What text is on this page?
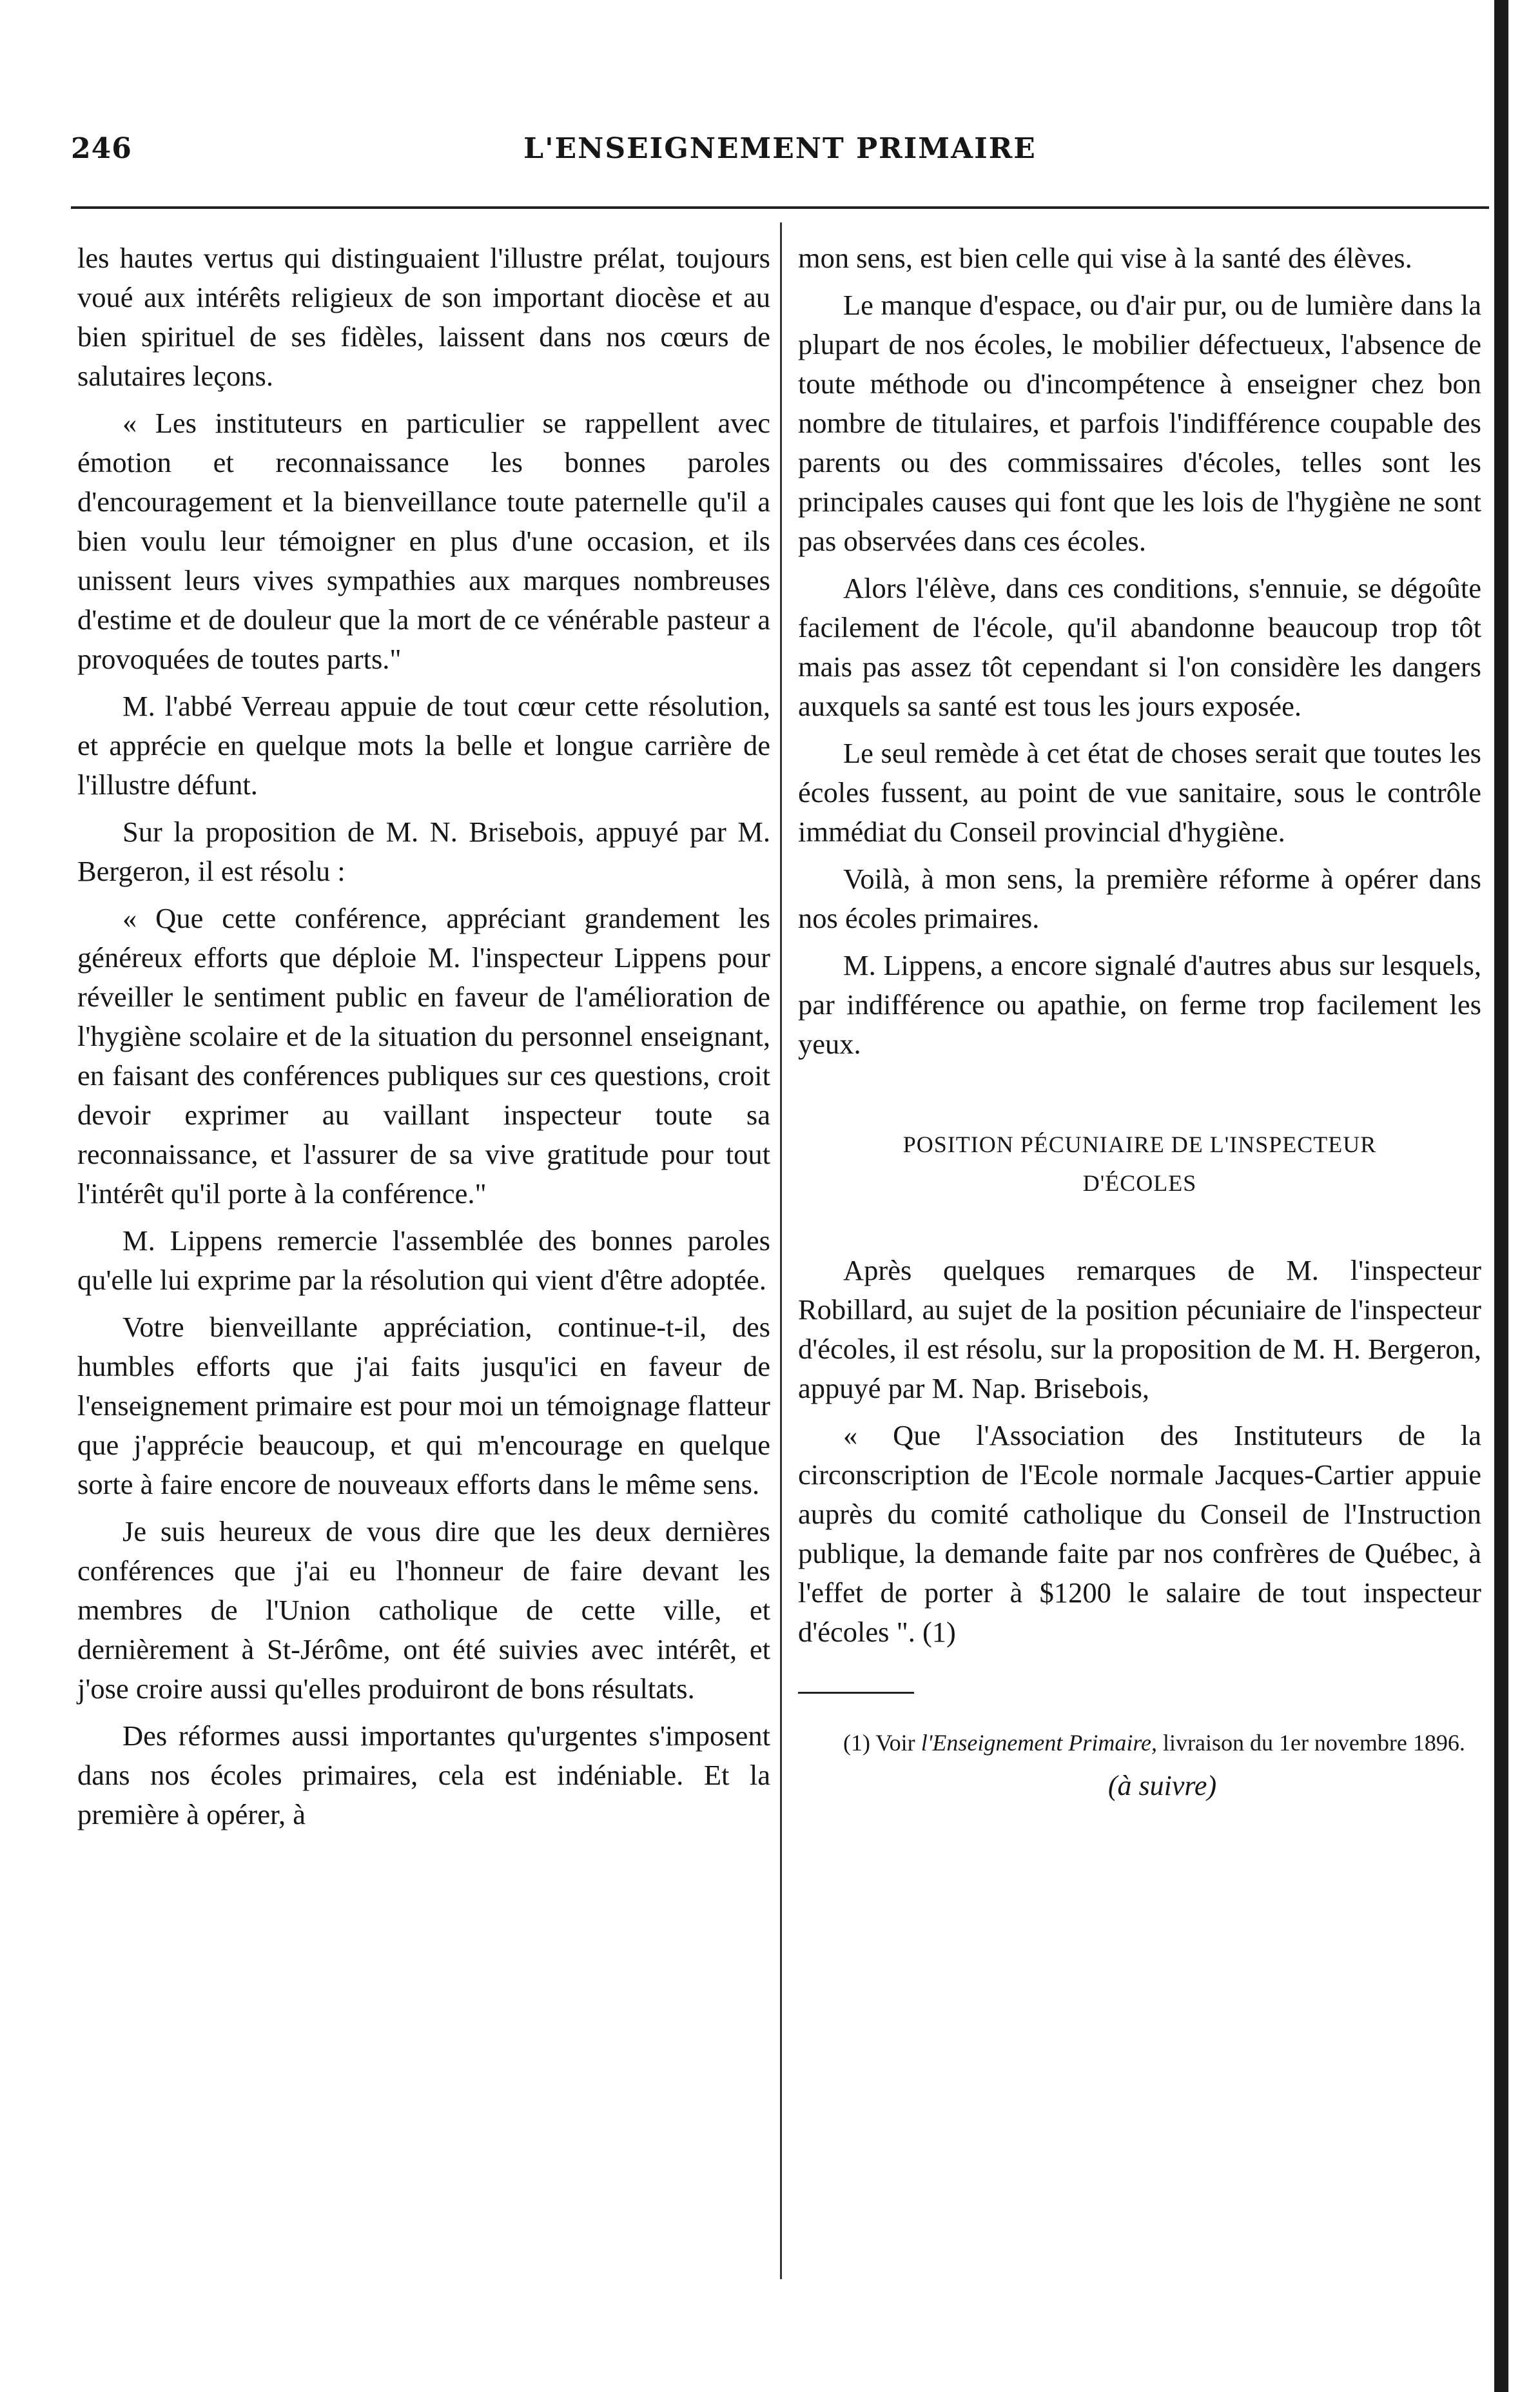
246	L'ENSEIGNEMENT PRIMAIRE

les hautes vertus qui distinguaient l'illustre prélat, toujours voué aux intérêts religieux de son important diocèse et au bien spirituel de ses fidèles, laissent dans nos cœurs de salutaires leçons.

« Les instituteurs en particulier se rappellent avec émotion et reconnaissance les bonnes paroles d'encouragement et la bienveillance toute paternelle qu'il a bien voulu leur témoigner en plus d'une occasion, et ils unissent leurs vives sympathies aux marques nombreuses d'estime et de douleur que la mort de ce vénérable pasteur a provoquées de toutes parts."

M. l'abbé Verreau appuie de tout cœur cette résolution, et apprécie en quelque mots la belle et longue carrière de l'illustre défunt.

Sur la proposition de M. N. Brisebois, appuyé par M. Bergeron, il est résolu :

« Que cette conférence, appréciant grandement les généreux efforts que déploie M. l'inspecteur Lippens pour réveiller le sentiment public en faveur de l'amélioration de l'hygiène scolaire et de la situation du personnel enseignant, en faisant des conférences publiques sur ces questions, croit devoir exprimer au vaillant inspecteur toute sa reconnaissance, et l'assurer de sa vive gratitude pour tout l'intérêt qu'il porte à la conférence."

M. Lippens remercie l'assemblée des bonnes paroles qu'elle lui exprime par la résolution qui vient d'être adoptée.

Votre bienveillante appréciation, continue-t-il, des humbles efforts que j'ai faits jusqu'ici en faveur de l'enseignement primaire est pour moi un témoignage flatteur que j'apprécie beaucoup, et qui m'encourage en quelque sorte à faire encore de nouveaux efforts dans le même sens.

Je suis heureux de vous dire que les deux dernières conférences que j'ai eu l'honneur de faire devant les membres de l'Union catholique de cette ville, et dernièrement à St-Jérôme, ont été suivies avec intérêt, et j'ose croire aussi qu'elles produiront de bons résultats.

Des réformes aussi importantes qu'urgentes s'imposent dans nos écoles primaires, cela est indéniable. Et la première à opérer, à

mon sens, est bien celle qui vise à la santé des élèves.

Le manque d'espace, ou d'air pur, ou de lumière dans la plupart de nos écoles, le mobilier défectueux, l'absence de toute méthode ou d'incompétence à enseigner chez bon nombre de titulaires, et parfois l'indifférence coupable des parents ou des commissaires d'écoles, telles sont les principales causes qui font que les lois de l'hygiène ne sont pas observées dans ces écoles.

Alors l'élève, dans ces conditions, s'ennuie, se dégoûte facilement de l'école, qu'il abandonne beaucoup trop tôt mais pas assez tôt cependant si l'on considère les dangers auxquels sa santé est tous les jours exposée.

Le seul remède à cet état de choses serait que toutes les écoles fussent, au point de vue sanitaire, sous le contrôle immédiat du Conseil provincial d'hygiène.

Voilà, à mon sens, la première réforme à opérer dans nos écoles primaires.

M. Lippens, a encore signalé d'autres abus sur lesquels, par indifférence ou apathie, on ferme trop facilement les yeux.

POSITION PÉCUNIAIRE DE L'INSPECTEUR
D'ÉCOLES

Après quelques remarques de M. l'inspecteur Robillard, au sujet de la position pécuniaire de l'inspecteur d'écoles, il est résolu, sur la proposition de M. H. Bergeron, appuyé par M. Nap. Brisebois,

« Que l'Association des Instituteurs de la circonscription de l'Ecole normale Jacques-Cartier appuie auprès du comité catholique du Conseil de l'Instruction publique, la demande faite par nos confrères de Québec, à l'effet de porter à $1200 le salaire de tout inspecteur d'écoles ". (1)

(1) Voir l'Enseignement Primaire, livraison du 1er novembre 1896.

(à suivre)
